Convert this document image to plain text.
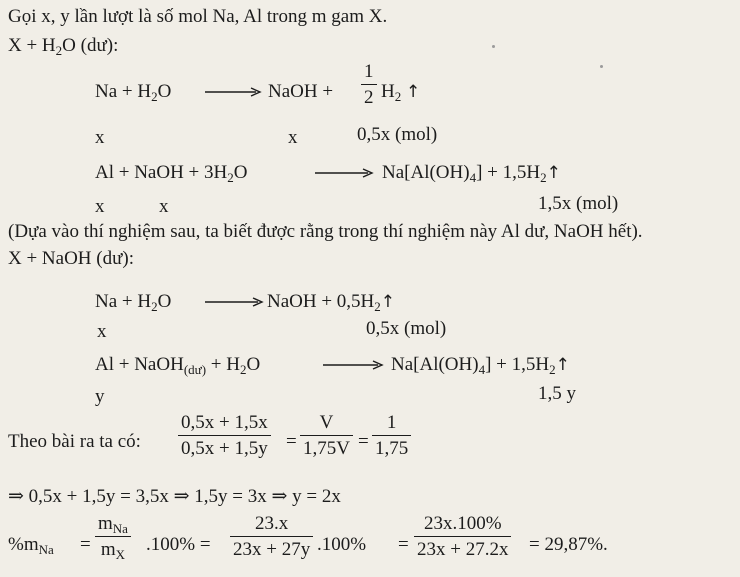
Gọi x, y lần lượt là số mol Na, Al trong m gam X.
$X + H_2O$ (dư):
$Na + H_2O$ → NaOH +
1
2 $H_2$ ↑
x	x	0,5x (mol)
Al + NaOH + $3H_2O$	→ $Na[Al(OH)_4]$ + $1,5H_2↑$
x	x	1,5x (mol)
(Dựa vào thí nghiệm sau, ta biết được rằng trong thí nghiệm này Al dư, NaOH hết).
X + NaOH (dư):
$Na + H_2O$ → NaOH + $0,5H_2↑$
x	0,5x (mol)
Al + NaOH$_{(dư)}$ + $H_2O$	→ $Na[Al(OH)_4]$ + $1,5H_2↑$
y	1,5 y
Theo bài ra ta có:
0,5x + 1,5x
0,5x + 1,5y =
V
1,75V =
1
1,75
⇒ 0,5x + 1,5y = 3,5x ⇒ 1,5y = 3x ⇒ y = 2x
$\%m_{Na}$ =
$m_{Na}$
$m_X$ .100% =
23.x
23x + 27y .100% =
23x.100%
23x + 27.2x = 29,87%.
